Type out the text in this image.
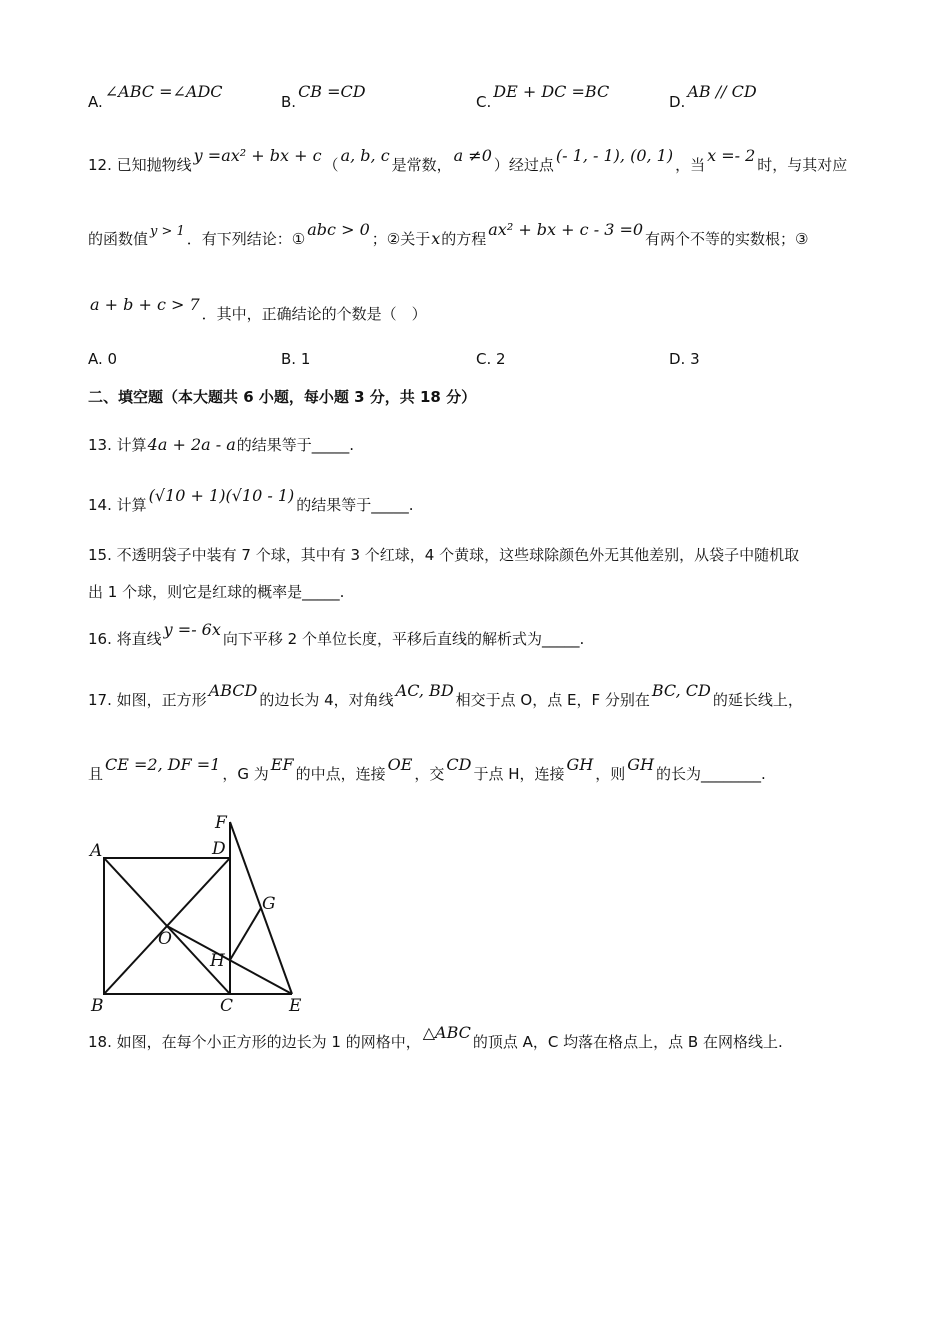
A.∠ABC =∠ADC
B.CB =CD
C.DE + DC =BC
D.AB // CD
12. 已知抛物线 y =ax² + bx + c （ a, b, c 是常数， a ≠0 ）经过点 (- 1, - 1), (0, 1) ，当 x =- 2 时，与其对应
的函数值 y > 1 ．有下列结论：① abc > 0 ；②关于x的方程 ax² + bx + c - 3 =0 有两个不等的实数根；③
a + b + c > 7 ．其中，正确结论的个数是（　）
A. 0	B. 1	C. 2	D. 3
二、填空题（本大题共 6 小题，每小题 3 分，共 18 分）
13. 计算4a + 2a - a的结果等于_____.
14. 计算 (√10 + 1)(√10 - 1) 的结果等于_____.
15. 不透明袋子中装有 7 个球，其中有 3 个红球，4 个黄球，这些球除颜色外无其他差别，从袋子中随机取
出 1 个球，则它是红球的概率是_____.
16. 将直线 y =- 6x 向下平移 2 个单位长度，平移后直线的解析式为_____.
17. 如图，正方形 ABCD 的边长为 4，对角线 AC, BD 相交于点 O，点 E，F 分别在 BC, CD 的延长线上，
且 CE =2, DF =1 ，G 为 EF 的中点，连接 OE ，交 CD 于点 H，连接 GH ，则 GH 的长为________.
A	D
F
G
O
H
B	C	E
18. 如图，在每个小正方形的边长为 1 的网格中， △ABC 的顶点 A，C 均落在格点上，点 B 在网格线上.
